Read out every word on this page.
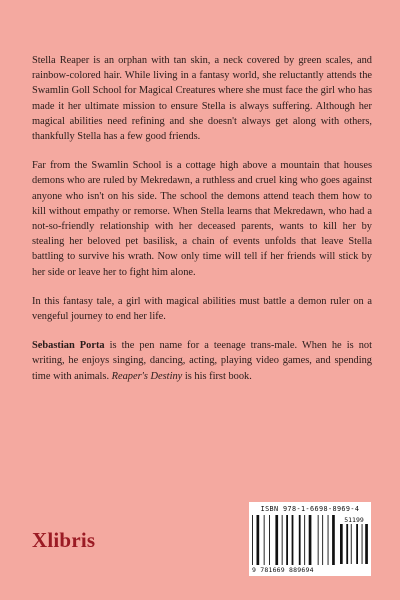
Stella Reaper is an orphan with tan skin, a neck covered by green scales, and rainbow-colored hair. While living in a fantasy world, she reluctantly attends the Swamlin Goll School for Magical Creatures where she must face the girl who has made it her ultimate mission to ensure Stella is always suffering. Although her magical abilities need refining and she doesn't always get along with others, thankfully Stella has a few good friends.

Far from the Swamlin School is a cottage high above a mountain that houses demons who are ruled by Mekredawn, a ruthless and cruel king who goes against anyone who isn't on his side. The school the demons attend teach them how to kill without empathy or remorse. When Stella learns that Mekredawn, who had a not-so-friendly relationship with her deceased parents, wants to kill her by stealing her beloved pet basilisk, a chain of events unfolds that leave Stella battling to survive his wrath. Now only time will tell if her friends will stick by her side or leave her to fight him alone.

In this fantasy tale, a girl with magical abilities must battle a demon ruler on a vengeful journey to end her life.

Sebastian Porta is the pen name for a teenage trans-male. When he is not writing, he enjoys singing, dancing, acting, playing video games, and spending time with animals. Reaper's Destiny is his first book.

Xlibris
ISBN 978-1-6698-8969-4
51199
9 781669 889694
